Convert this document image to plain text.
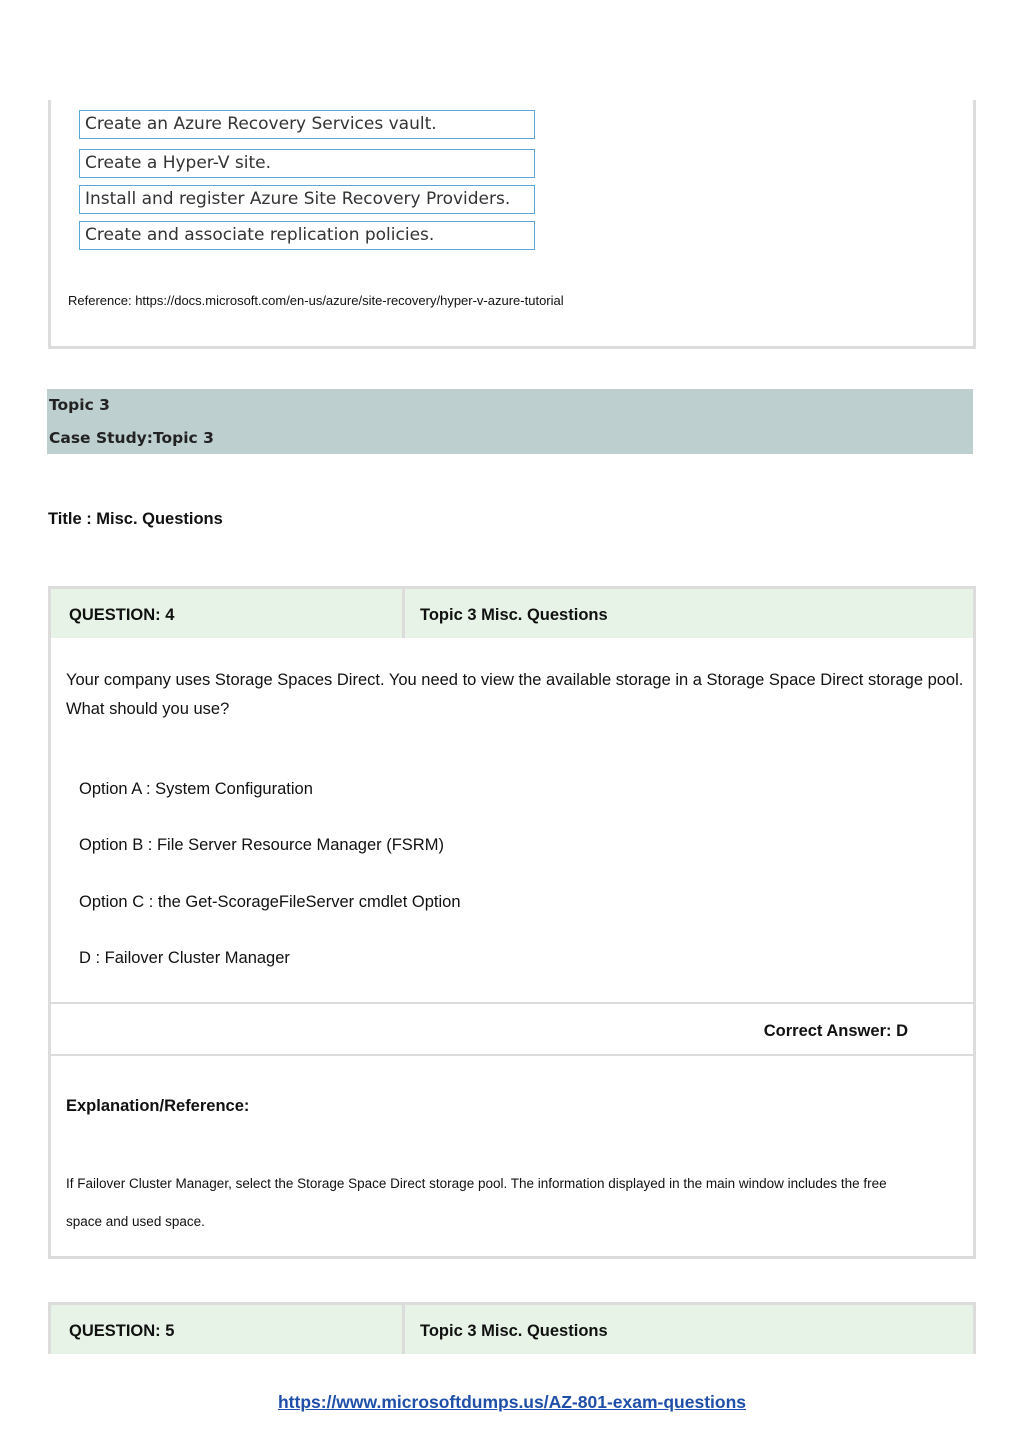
Create an Azure Recovery Services vault.
Create a Hyper-V site.
Install and register Azure Site Recovery Providers.
Create and associate replication policies.
Reference: https://docs.microsoft.com/en-us/azure/site-recovery/hyper-v-azure-tutorial
Topic 3
Case Study:Topic 3
Title : Misc. Questions
QUESTION: 4	Topic 3 Misc. Questions
Your company uses Storage Spaces Direct. You need to view the available storage in a Storage Space Direct storage pool.
What should you use?
Option A : System Configuration
Option B : File Server Resource Manager (FSRM)
Option C : the Get-ScorageFileServer cmdlet Option
D : Failover Cluster Manager
Correct Answer: D
Explanation/Reference:
If Failover Cluster Manager, select the Storage Space Direct storage pool. The information displayed in the main window includes the free
space and used space.
QUESTION: 5	Topic 3 Misc. Questions
https://www.microsoftdumps.us/AZ-801-exam-questions
